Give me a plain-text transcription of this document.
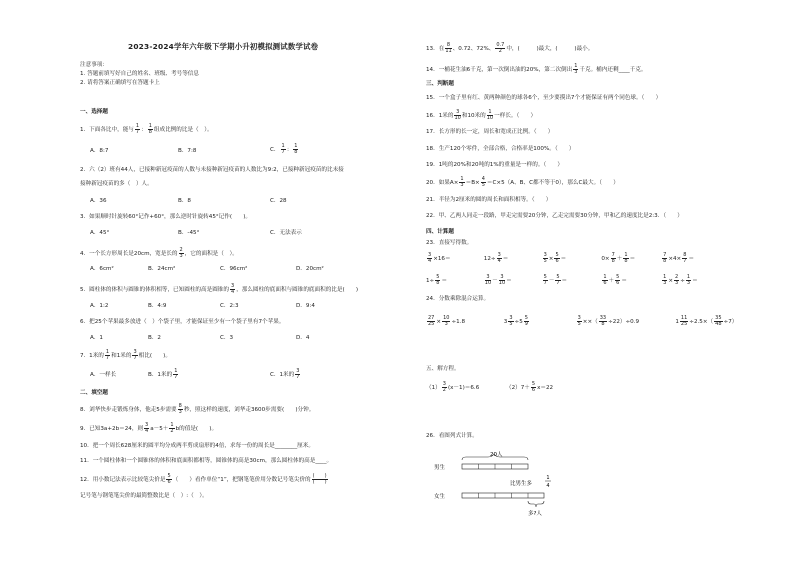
2023-2024学年六年级下学期小升初模拟测试数学试卷
注意事项：
1. 答题前填写好自己的姓名、班级、考号等信息
2. 请将答案正确填写在答题卡上
一、选择题
1．下面各比中，能与 $\frac{1}{7}$ ： $\frac{1}{8}$ 组成比例的比是（　）。
A．8:7	B．7:8	C． $\frac{1}{7}$ ： $\frac{1}{8}$
2．六（2）班有44人，已接种新冠疫苗的人数与未接种新冠疫苗的人数比为9:2，已接种新冠疫苗的比未接
接种新冠疫苗的多（　）人。
A．36	B．8	C．28
3．如果顺时针旋转60°记作+60°，那么逆时针旋转45°记作(　　)。
A．45°	B．-45°	C．无法表示
4．一个长方形周长是20cm，宽是长的 $\frac{2}{3}$ ，它的面积是（　）。
A．6cm²	B．24cm²	C．96cm²	D．20cm²
5．圆柱体的体积与圆锥的体积相等，已知圆柱的高是圆锥的 $\frac{3}{4}$ ，那么圆柱的底面积与圆锥的底面积的比是(　　)
A．1:2	B．4:9	C．2:3	D．9:4
6．把25个苹果最多放进（　）个袋子里，才能保证至少有一个袋子里有7个苹果。
A．1	B．2	C．3	D．4
7．1米的 $\frac{1}{7}$ 和1米的 $\frac{3}{7}$ 相比(　　)。
A．一样长	B．1米的 $\frac{1}{7}$	C．1米的 $\frac{3}{7}$
二、填空题
8．刘华快步走锻炼身体，他走5步需要 $\frac{8}{3}$ 秒，照这样的速度，刘华走3600步需要(　　)分钟。
9．已知3a+2b＝24，则 $\frac{3}{4} a-5+ \frac{1}{2}$ b的值是(　　)。
10．把一个周长628厘米的圆平均分成两半剪成扇形的4倍，求每一份的周长是________厘米。
11．一个圆柱体和一个圆锥体的体积和底面积都相等，圆锥体的高是30cm，那么圆柱体的高是____。
12．用小数记法表示比较笔尖价是 $\frac{5}{6}$ （　　）看作单位“1”，把钢笔笔价用分数记号笔尖价的 $\frac{( )}{( )}$
记号笔与钢笔笔尖价的最简整数比是（　）:（　）。
13．在 $\frac{8}{11}$ 、0.72、72%、 $\frac{0.7}{2}$ 中，(　　　)最大，(　　　)最小。
14．一桶花生油6千克，第一次倒出油的20%，第二次倒出 $\frac{1}{3}$ 千克。桶内还剩____千克。
三、判断题
15．一个盒子里有红、黄两种颜色的球各6个，至少要摸出7个才能保证有两个同色球。（　　）
16．1米的 $\frac{3}{10}$ 和10米的 $\frac{1}{10}$ 一样长。（　　）
17．长方形的长一定，周长和宽成正比例。（　　）
18．生产120个零件，全部合格，合格率是100%。（　　）
19．1吨的20%和20吨的1%的重量是一样的。（　　）
20．如果$A\times \frac{1}{3} =B\times \frac{4}{5} =C\times 5(A$、B、C都不等于0），那么C最大。（　　）
21．半径为2厘米的圆的周长和面积相等。（　　）
22．甲、乙两人同走一段路，甲走完需要20分钟，乙走完需要30分钟，甲和乙的速度比是2:3．（　　）
四、计算题
23．直接写得数。
$\frac{3}{4} \times 16=$	$12\div \frac{3}{4}$ ＝	$\frac{3}{5} \times \frac{5}{6}$ ＝	$0\times \frac{7}{8} + \frac{1}{8}$ ＝	$\frac{7}{8} \times 4\times \frac{8}{7}$ ＝
$1\div \frac{5}{8}$ ＝	$\frac{3}{10} - \frac{3}{10}$ ＝	$\frac{5}{7} - \frac{5}{7}$ ＝	$\frac{1}{6} + \frac{5}{6}$ ＝	$\frac{1}{3} \times \frac{2}{3} \div \frac{1}{3}$ ＝
24．分数乘除混合运算。
$\frac{27}{25} \times \frac{10}{3} \div 1.8$	$3 \frac{3}{5} \div 5 \frac{5}{9}$
	$\frac{3}{5}$ ××（ $\frac{33}{8} \div 22)\div 0.9$	$1 \frac{11}{25} \div 2.5\times( \frac{35}{48} \div 7)$
五、解方程。
$(1) \frac{3}{2} (x-1)=6.6$	$(2)7+ \frac{5}{6} x=22$
26．看图列式计算。
20人
男生
比男生多
1
4
女生
多?人
